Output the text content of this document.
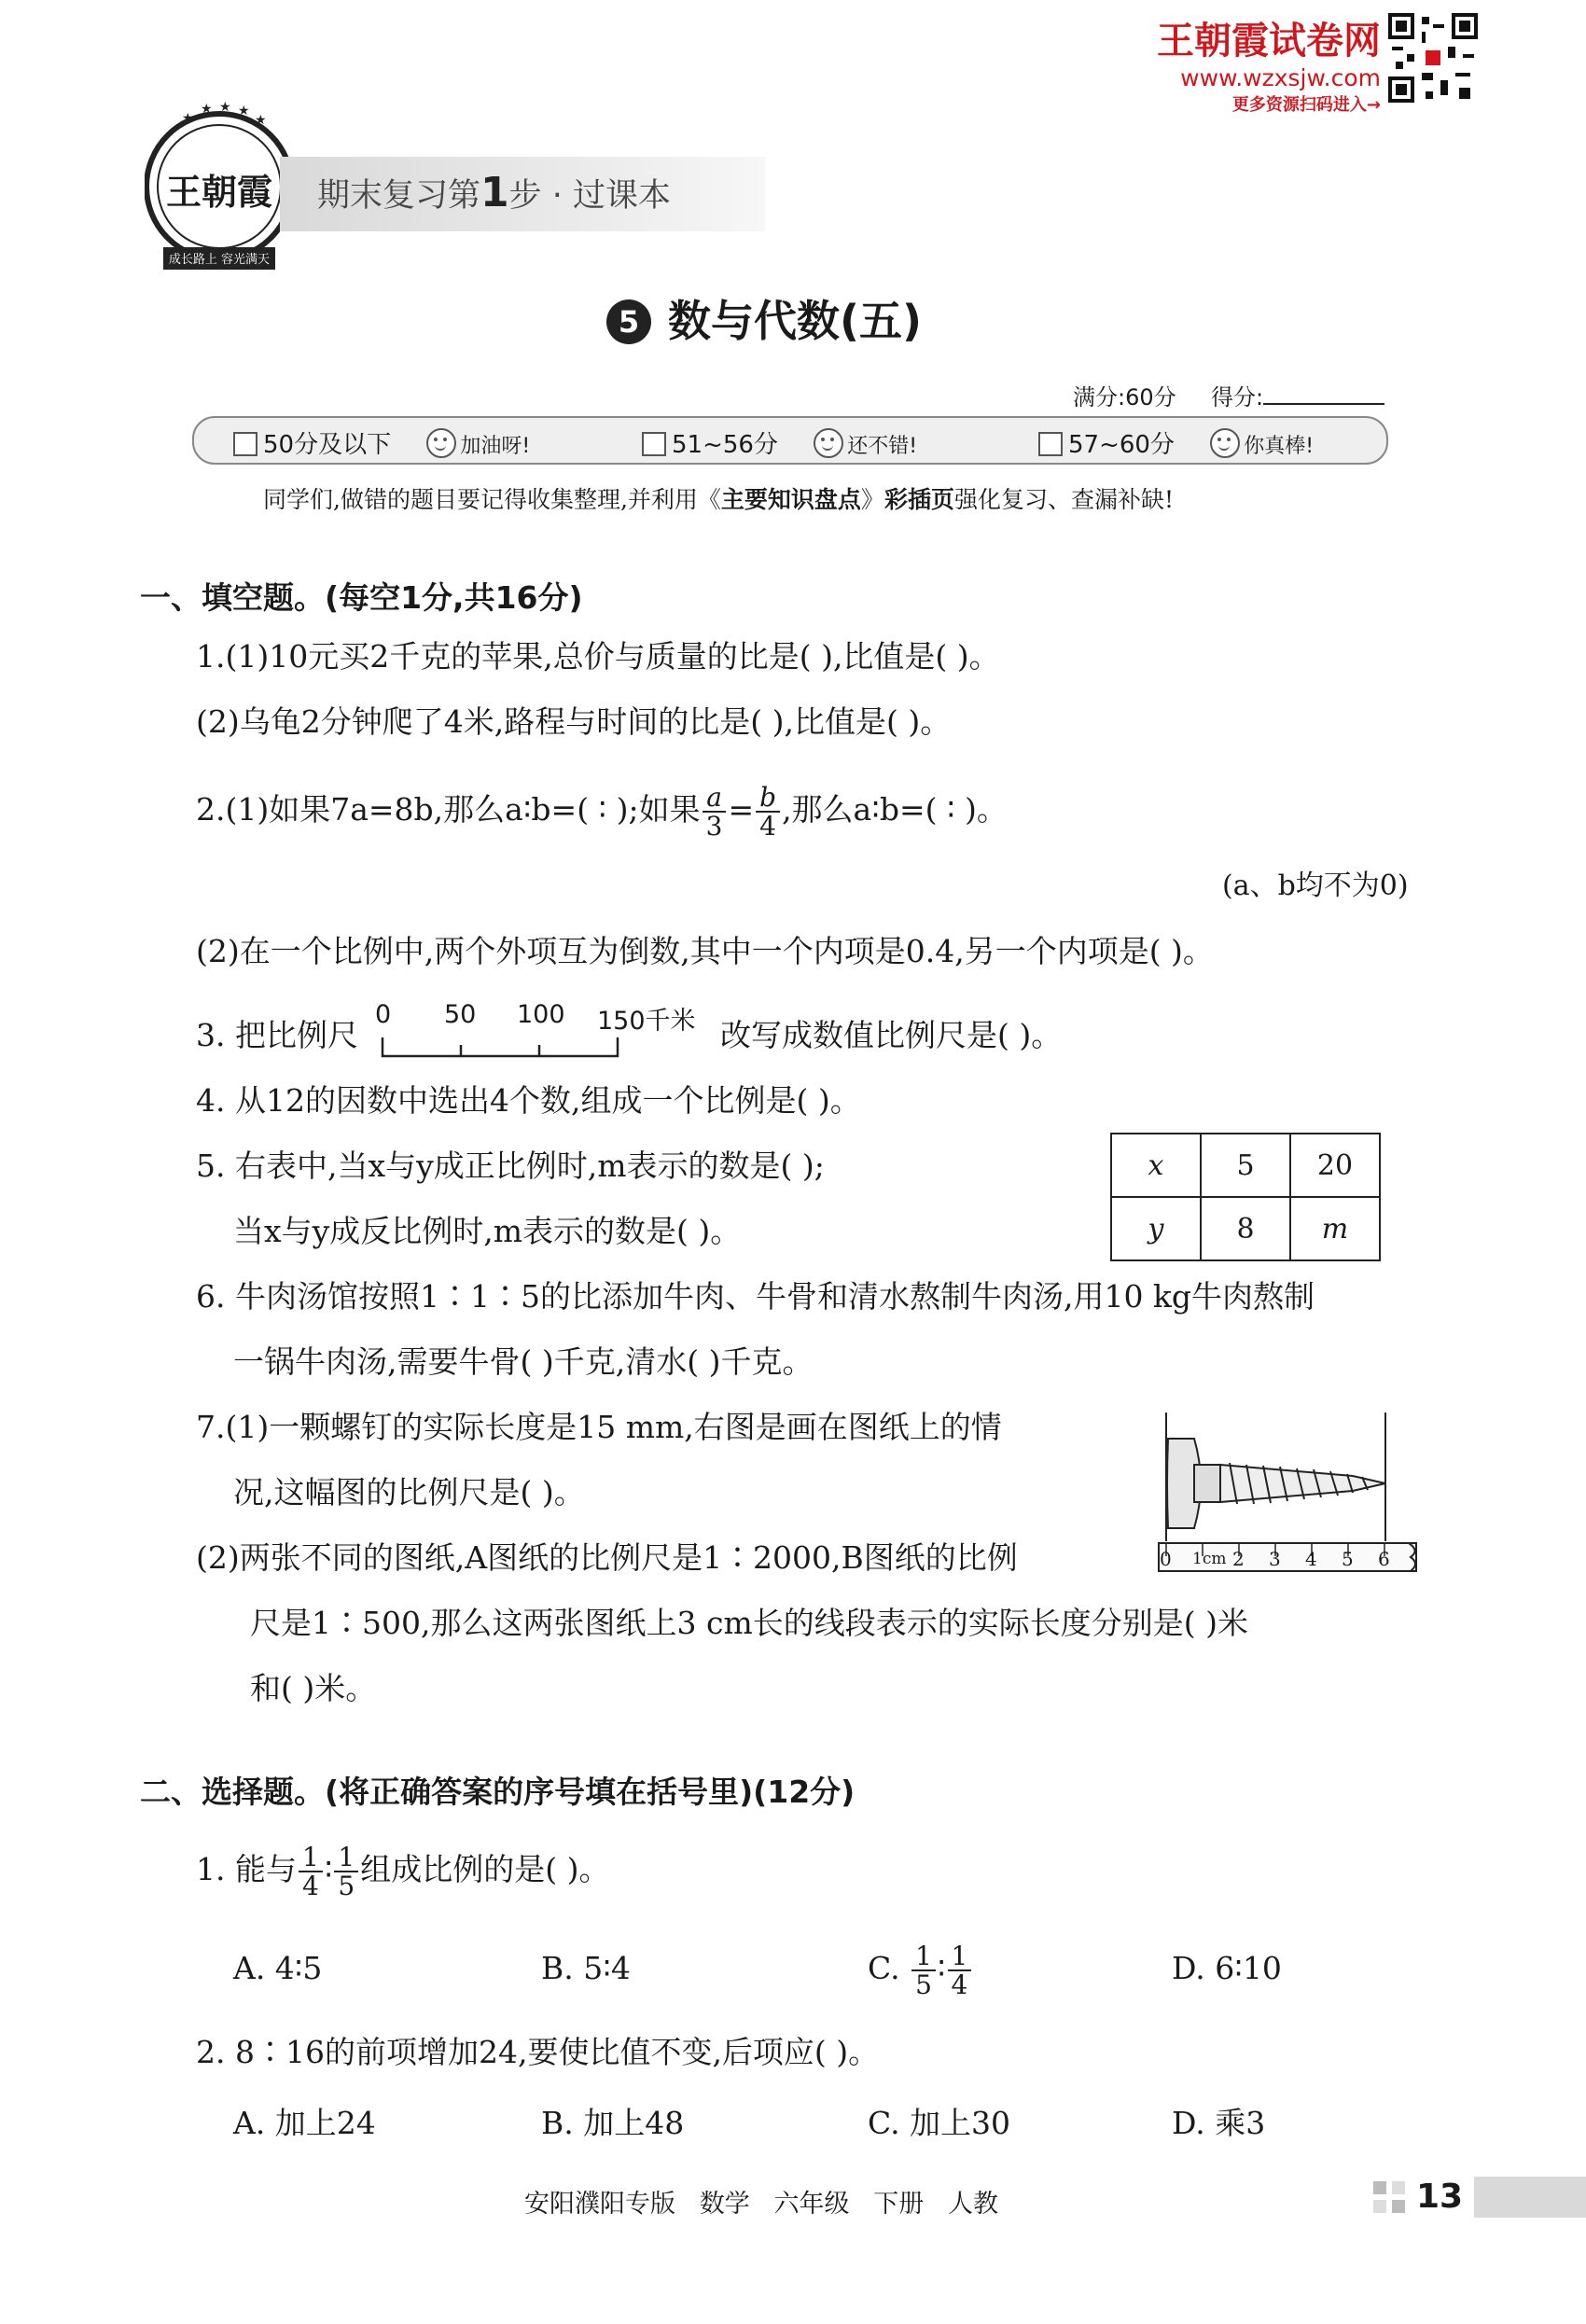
王朝霞试卷网
www.wzxsjw.com
更多资源扫码进入→
★
★ ★ ★
★
王朝霞
成长路上 容光满天
期末复习第1步 · 过课本
5 数与代数(五)
满分:60分 得分:
50分及以下	加油呀!	51~56分	还不错!	57~60分	你真棒!
同学们,做错的题目要记得收集整理,并利用《主要知识盘点》彩插页强化复习、查漏补缺!
一、填空题。(每空1分,共16分)
1.(1)10元买2千克的苹果,总价与质量的比是( ),比值是( )。
(2)乌龟2分钟爬了4米,路程与时间的比是( ),比值是( )。
2.(1)如果7a=8b,那么a∶b=( ∶ );如果 $\frac{a}{3} = \frac{b}{4}$ ,那么a∶b=( ∶ )。
(a、b均不为0)
(2)在一个比例中,两个外项互为倒数,其中一个内项是0.4,另一个内项是( )。
3. 把比例尺
0 50 100 150千米 改写成数值比例尺是( )。
4. 从12的因数中选出4个数,组成一个比例是( )。
5. 右表中,当x与y成正比例时,m表示的数是( );
当x与y成反比例时,m表示的数是( )。
x	5	20
y	8	m
6. 牛肉汤馆按照1∶1∶5的比添加牛肉、牛骨和清水熬制牛肉汤,用10 kg牛肉熬制
一锅牛肉汤,需要牛骨( )千克,清水( )千克。
7.(1)一颗螺钉的实际长度是15 mm,右图是画在图纸上的情
况,这幅图的比例尺是( )。
0 1cm 2 3 4 5 6
(2)两张不同的图纸,A图纸的比例尺是1∶2000,B图纸的比例
尺是1∶500,那么这两张图纸上3 cm长的线段表示的实际长度分别是( )米
和( )米。
二、选择题。(将正确答案的序号填在括号里)(12分)
1. 能与 $\frac{1}{4}$ ∶ $\frac{1}{5}$ 组成比例的是( )。
A. 4∶5	B. 5∶4	C. $\frac{1}{5}$ ∶ $\frac{1}{4}$	D. 6∶10
2. 8∶16的前项增加24,要使比值不变,后项应( )。
A. 加上24	B. 加上48	C. 加上30	D. 乘3
安阳濮阳专版   数学   六年级   下册   人教	13
